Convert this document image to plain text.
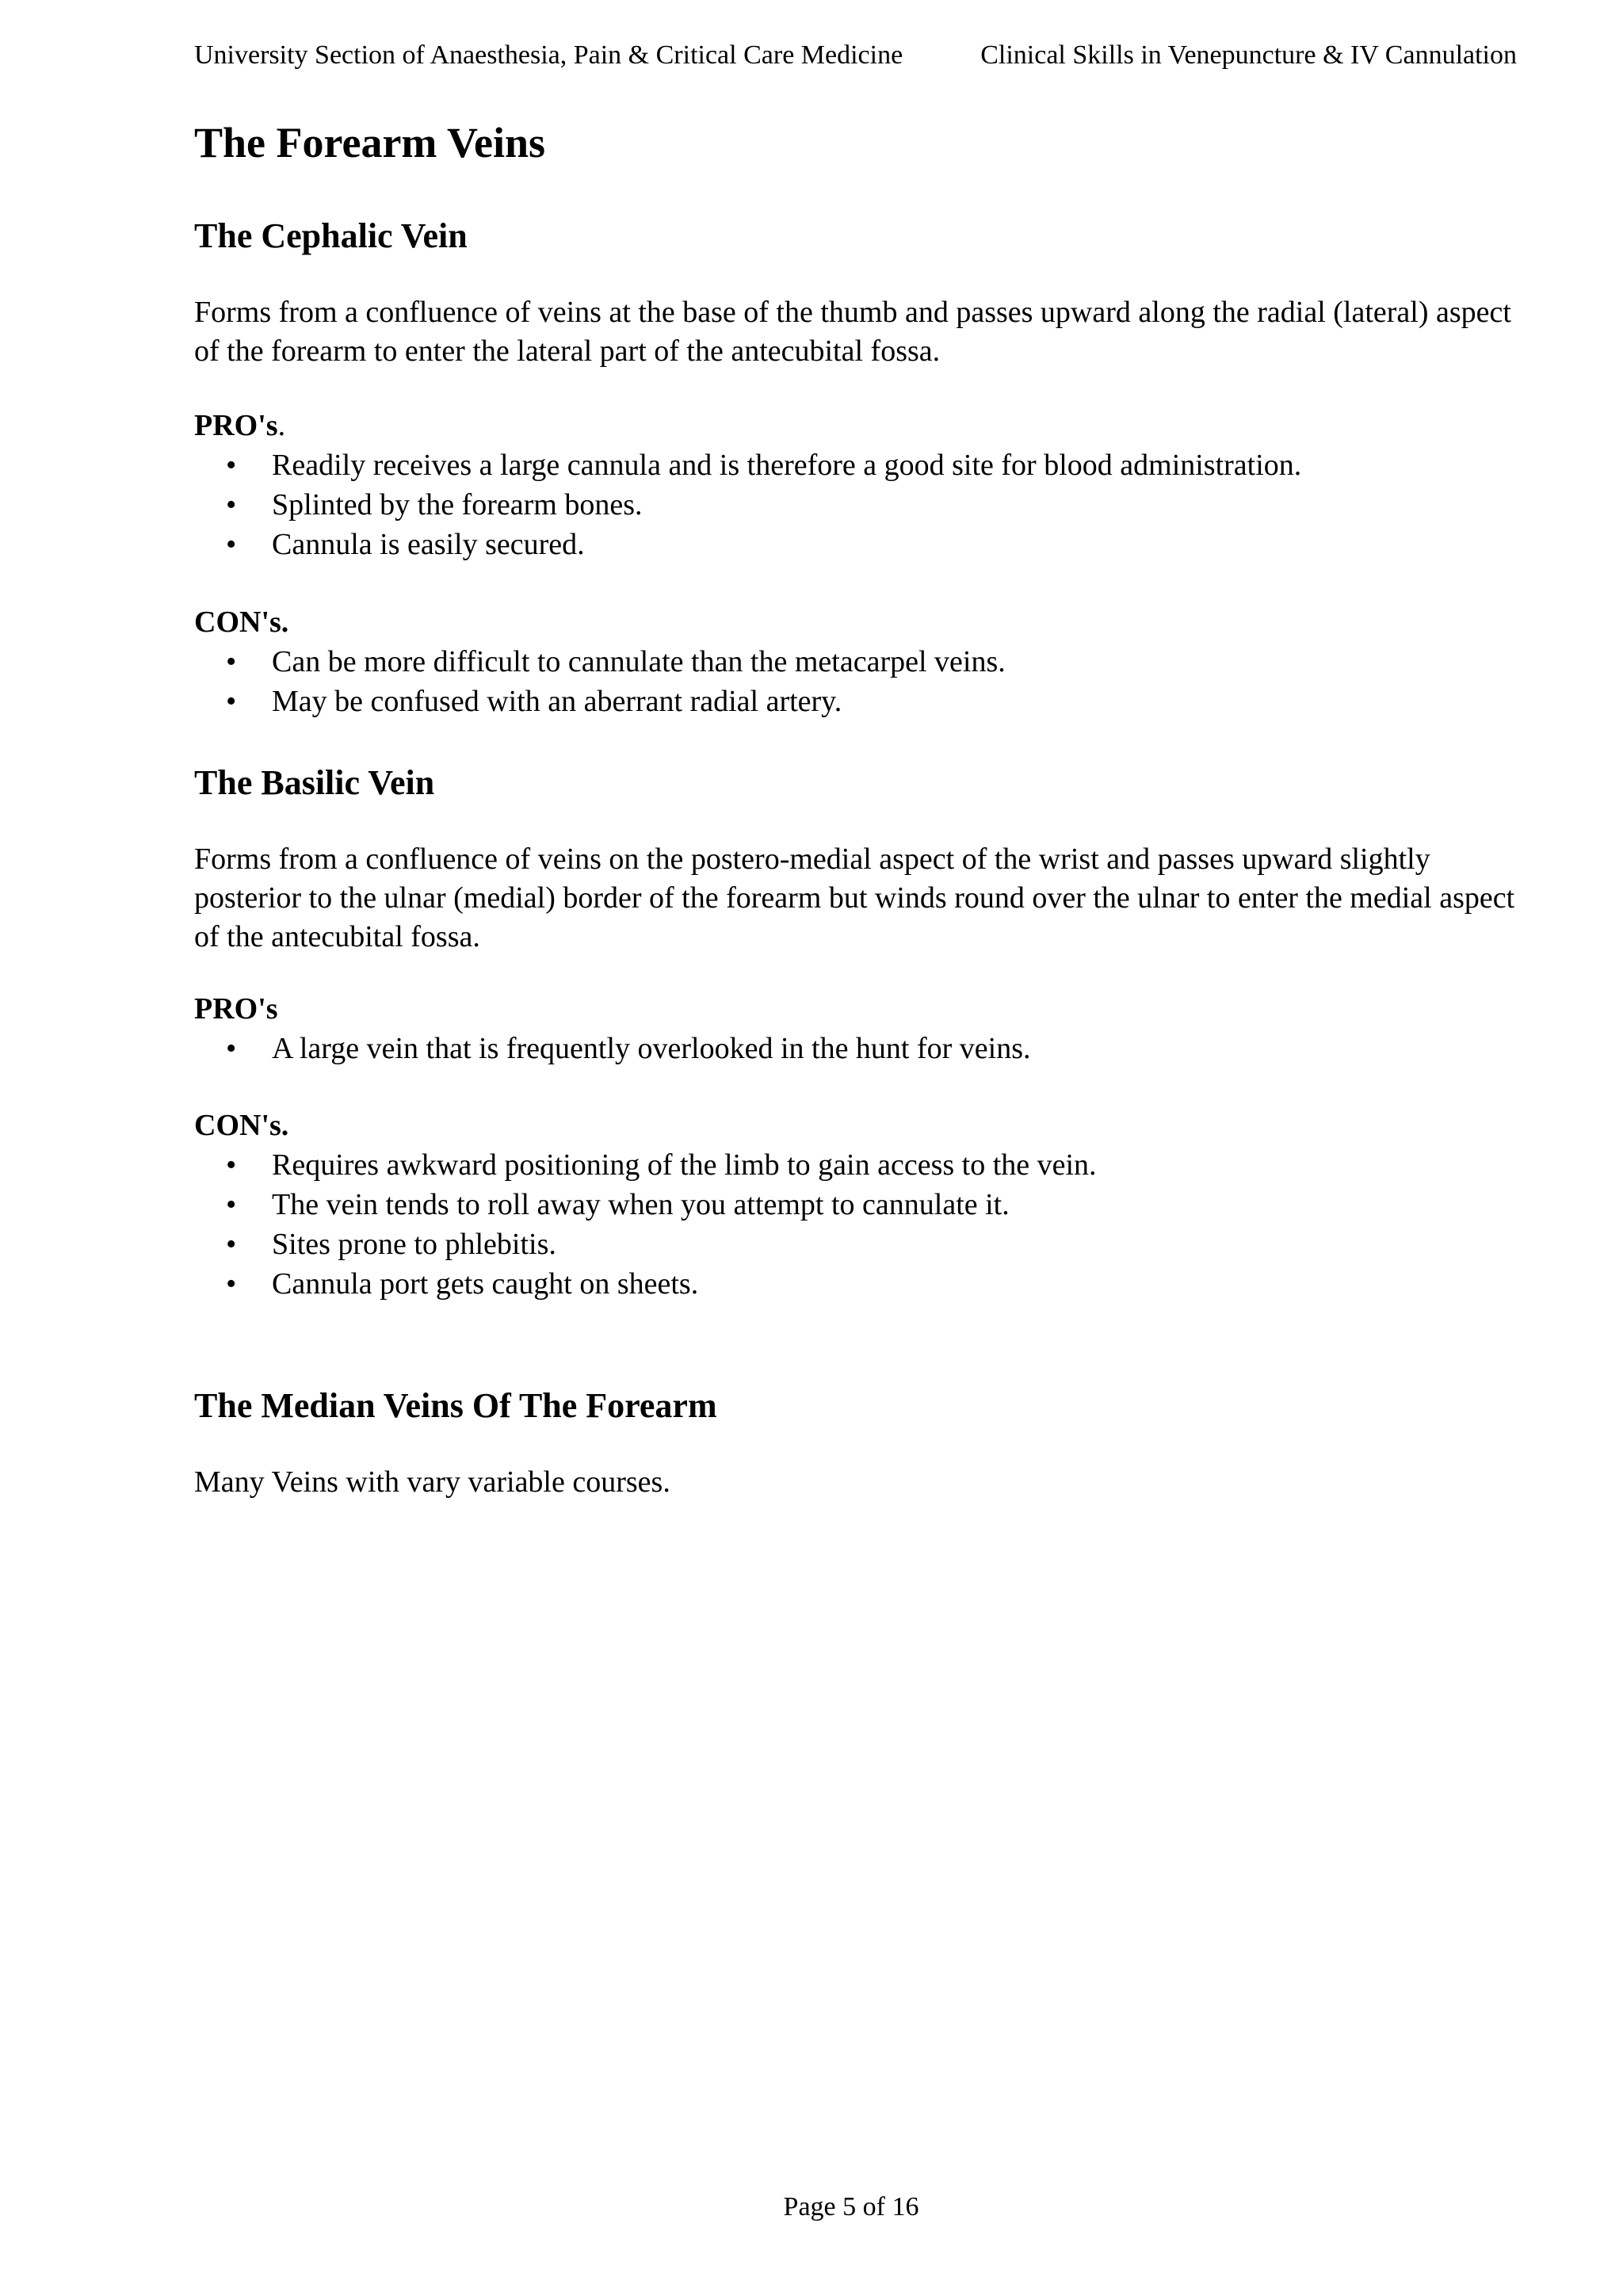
University Section of Anaesthesia, Pain & Critical Care Medicine	Clinical Skills in Venepuncture & IV Cannulation
The Forearm Veins
The Cephalic Vein

Forms from a confluence of veins at the base of the thumb and passes upward along the radial (lateral) aspect of the forearm to enter the lateral part of the antecubital fossa.

PRO's.
• Readily receives a large cannula and is therefore a good site for blood administration.
• Splinted by the forearm bones.
• Cannula is easily secured.
CON's.
• Can be more difficult to cannulate than the metacarpel veins.
• May be confused with an aberrant radial artery.
The Basilic Vein

Forms from a confluence of veins on the postero-medial aspect of the wrist and passes upward slightly posterior to the ulnar (medial) border of the forearm but winds round over the ulnar to enter the medial aspect of the antecubital fossa.

PRO's
• A large vein that is frequently overlooked in the hunt for veins.
CON's.
• Requires awkward positioning of the limb to gain access to the vein.
• The vein tends to roll away when you attempt to cannulate it.
• Sites prone to phlebitis.
• Cannula port gets caught on sheets.
The Median Veins Of The Forearm

Many Veins with vary variable courses.

Page 5 of 16
